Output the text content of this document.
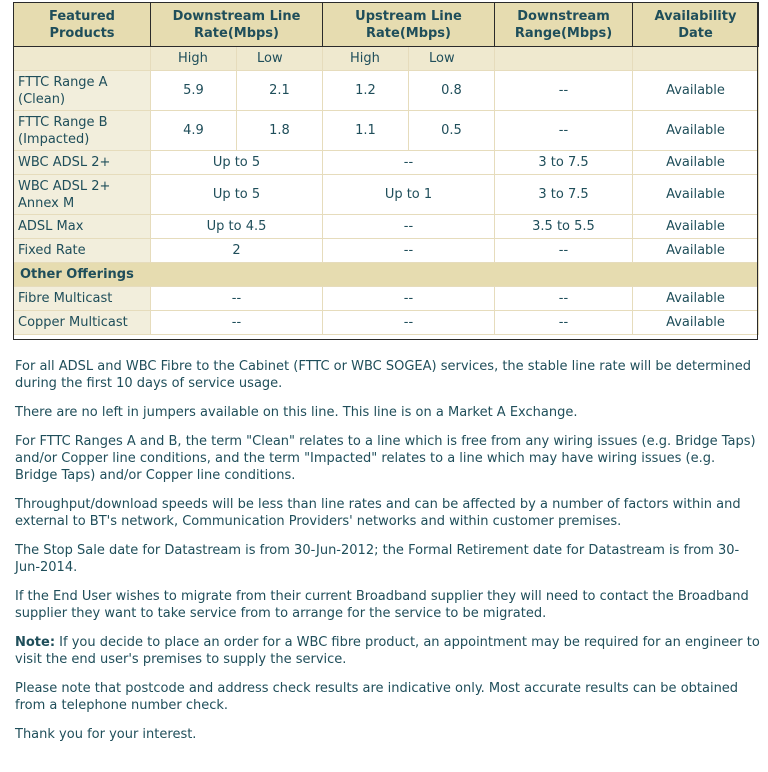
Featured Products	Downstream Line Rate(Mbps)		Upstream Line Rate(Mbps)		Downstream Range(Mbps)	Availability Date
	High	Low	High	Low		
FTTC Range A (Clean)	5.9	2.1	1.2	0.8	--	Available
FTTC Range B (Impacted)	4.9	1.8	1.1	0.5	--	Available
WBC ADSL 2+	Up to 5		--		3 to 7.5	Available
WBC ADSL 2+ Annex M	Up to 5		Up to 1		3 to 7.5	Available
ADSL Max	Up to 4.5		--		3.5 to 5.5	Available
Fixed Rate	2		--		--	Available
Other Offerings						
Fibre Multicast	--		--		--	Available
Copper Multicast	--		--		--	Available

For all ADSL and WBC Fibre to the Cabinet (FTTC or WBC SOGEA) services, the stable line rate will be determined during the first 10 days of service usage.

There are no left in jumpers available on this line. This line is on a Market A Exchange.

For FTTC Ranges A and B, the term "Clean" relates to a line which is free from any wiring issues (e.g. Bridge Taps) and/or Copper line conditions, and the term "Impacted" relates to a line which may have wiring issues (e.g. Bridge Taps) and/or Copper line conditions.

Throughput/download speeds will be less than line rates and can be affected by a number of factors within and external to BT's network, Communication Providers' networks and within customer premises.

The Stop Sale date for Datastream is from 30-Jun-2012; the Formal Retirement date for Datastream is from 30-Jun-2014.

If the End User wishes to migrate from their current Broadband supplier they will need to contact the Broadband supplier they want to take service from to arrange for the service to be migrated.

Note: If you decide to place an order for a WBC fibre product, an appointment may be required for an engineer to visit the end user's premises to supply the service.

Please note that postcode and address check results are indicative only. Most accurate results can be obtained from a telephone number check.

Thank you for your interest.
